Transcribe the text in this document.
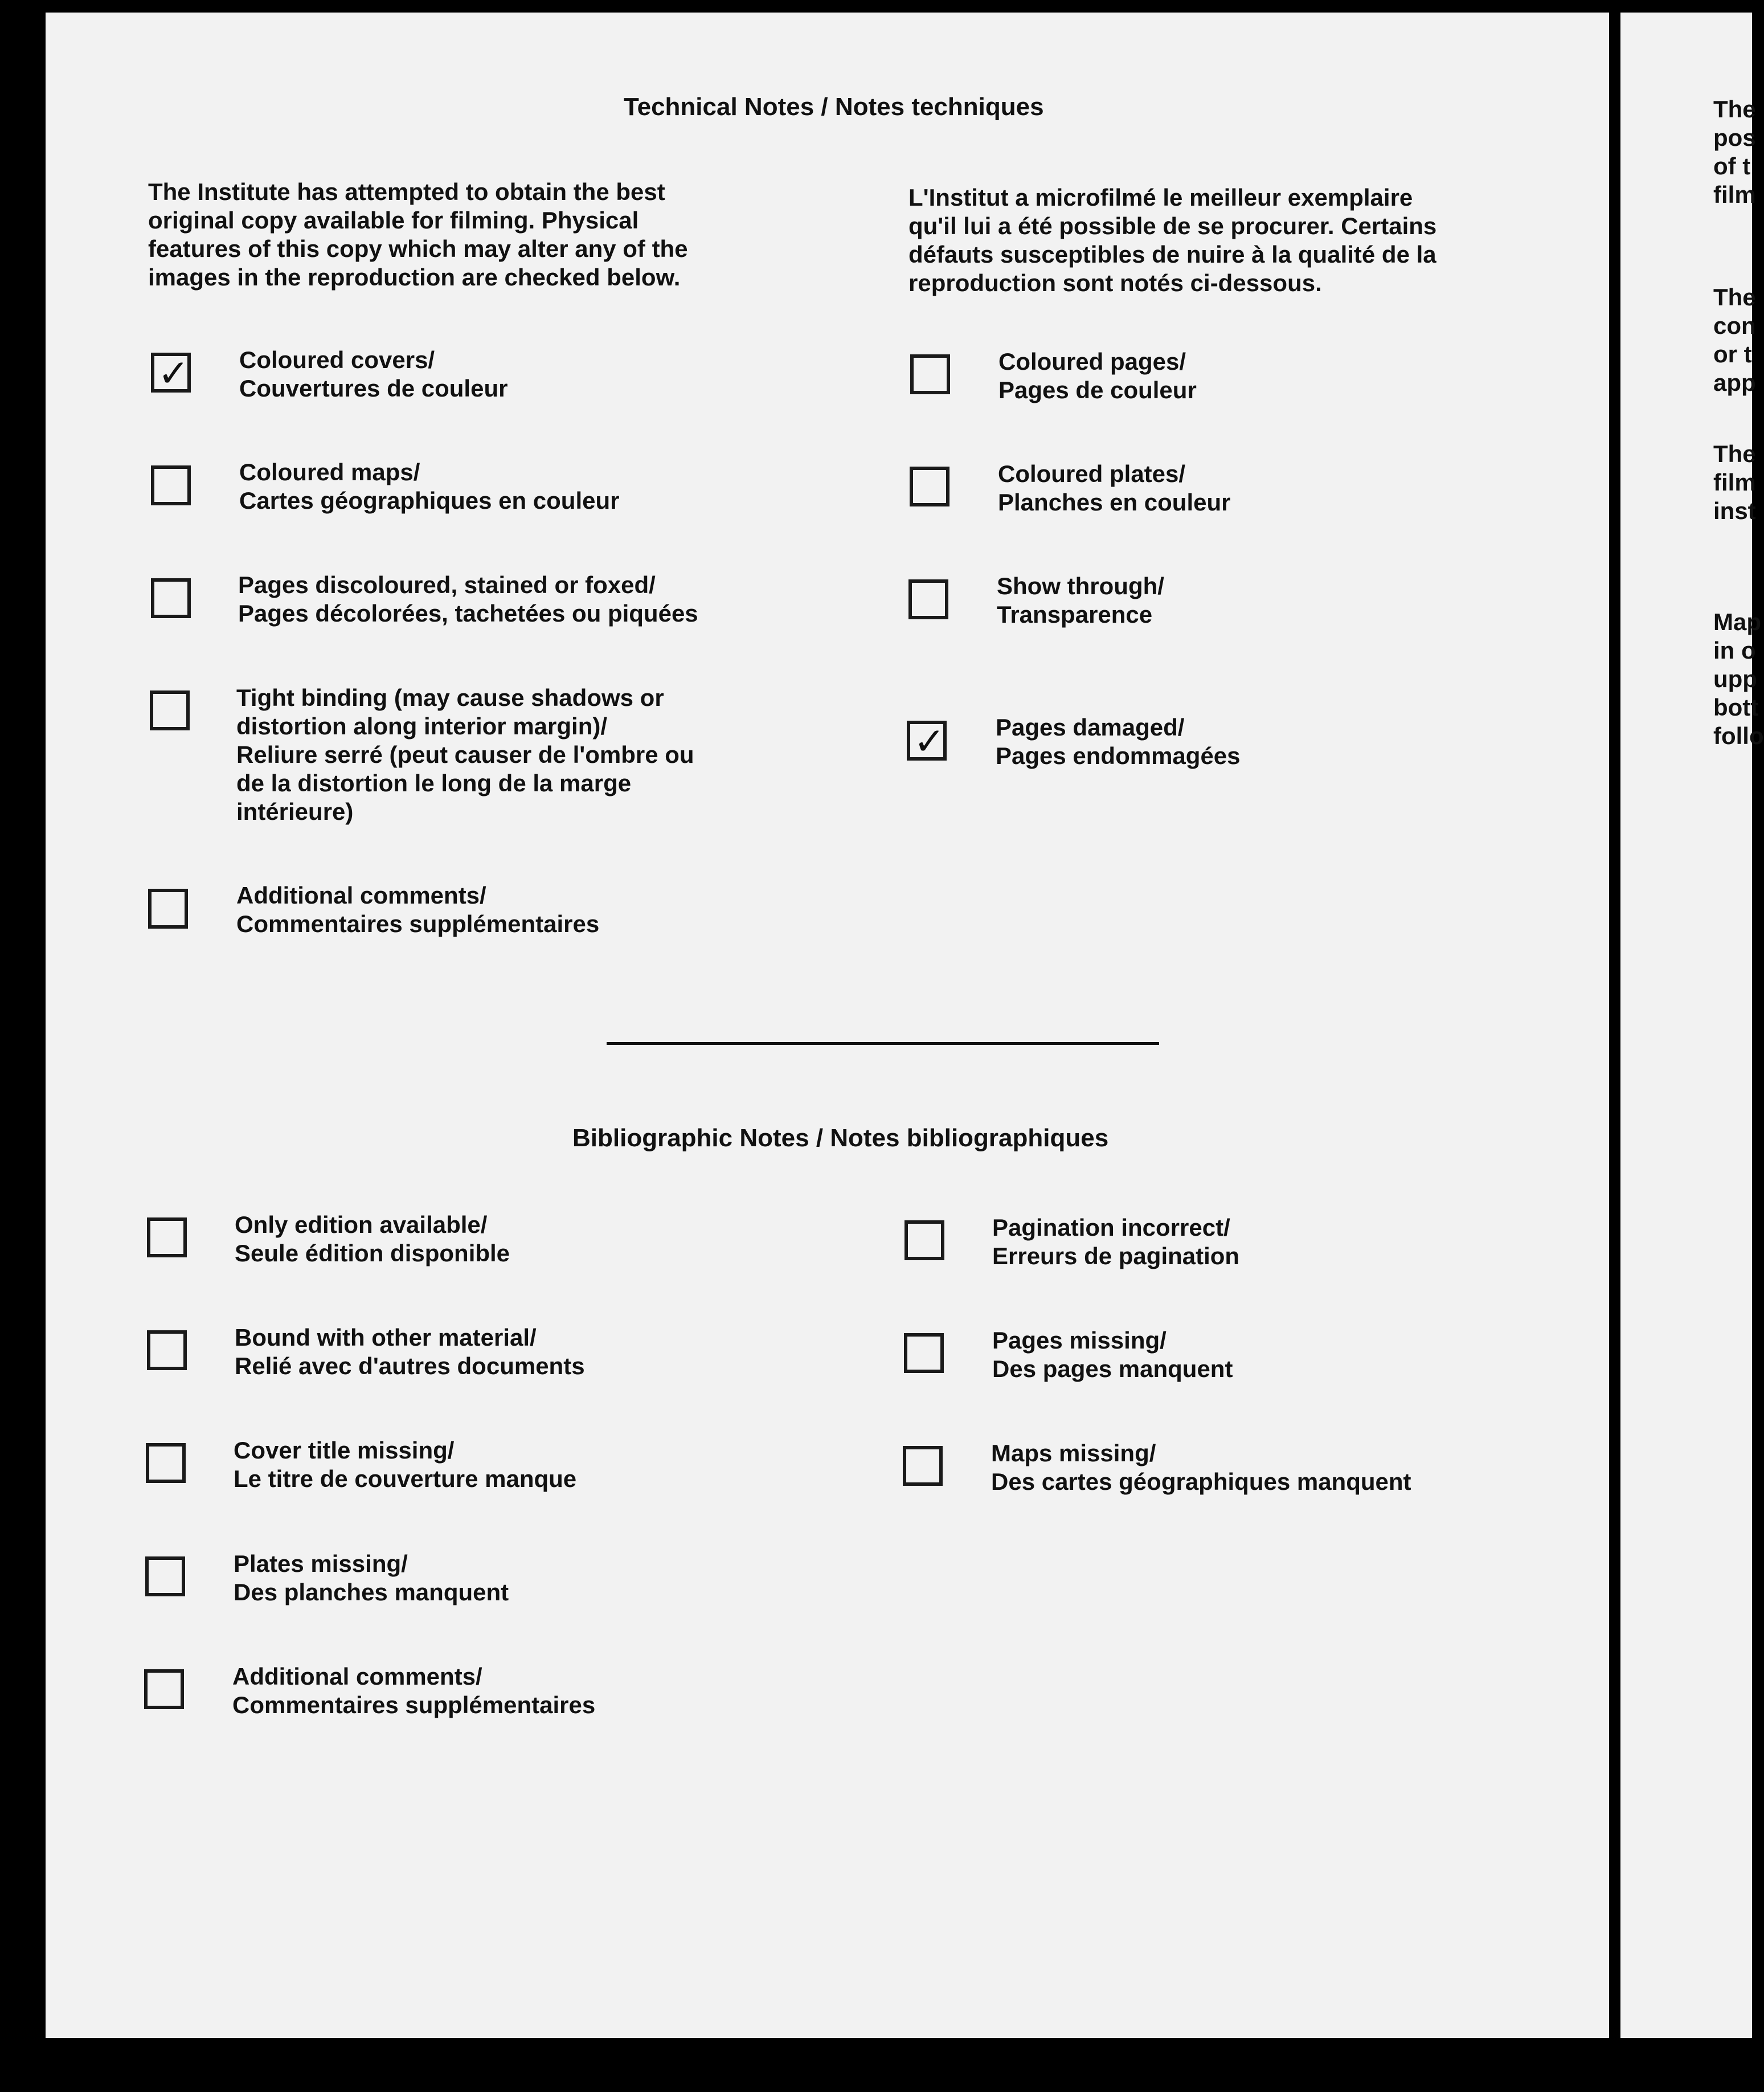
Technical Notes / Notes techniques
The Institute has attempted to obtain the best
original copy available for filming. Physical
features of this copy which may alter any of the
images in the reproduction are checked below.
L'Institut a microfilmé le meilleur exemplaire
qu'il lui a été possible de se procurer. Certains
défauts susceptibles de nuire à la qualité de la
reproduction sont notés ci-dessous.
✓ Coloured covers/
Couvertures de couleur
Coloured maps/
Cartes géographiques en couleur
Pages discoloured, stained or foxed/
Pages décolorées, tachetées ou piquées
Tight binding (may cause shadows or
distortion along interior margin)/
Reliure serré (peut causer de l'ombre ou
de la distortion le long de la marge
intérieure)
Additional comments/
Commentaires supplémentaires
Coloured pages/
Pages de couleur
Coloured plates/
Planches en couleur
Show through/
Transparence
✓ Pages damaged/
Pages endommagées
Bibliographic Notes / Notes bibliographiques
Only edition available/
Seule édition disponible
Bound with other material/
Relié avec d'autres documents
Cover title missing/
Le titre de couverture manque
Plates missing/
Des planches manquent
Additional comments/
Commentaires supplémentaires
Pagination incorrect/
Erreurs de pagination
Pages missing/
Des pages manquent
Maps missing/
Des cartes géographiques manquent
The
pos
of t
film
The
con
or t
app
The
film
inst
Map
in o
upp
bott
follo
